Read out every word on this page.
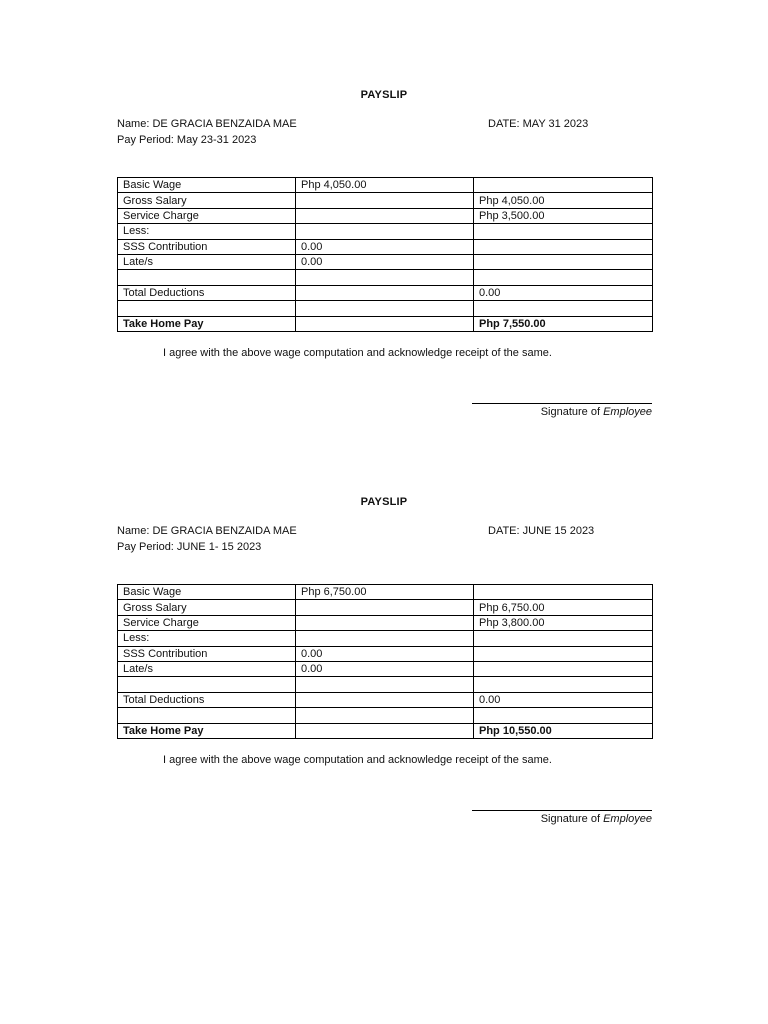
PAYSLIP
Name: DE GRACIA BENZAIDA MAE	DATE: MAY 31 2023
Pay Period: May 23-31 2023
Basic Wage	Php 4,050.00	
Gross Salary		Php 4,050.00
Service Charge		Php 3,500.00
Less:		
SSS Contribution	0.00	
Late/s	0.00	

Total Deductions		0.00

Take Home Pay		Php 7,550.00
I agree with the above wage computation and acknowledge receipt of the same.
Signature of Employee
PAYSLIP
Name: DE GRACIA BENZAIDA MAE	DATE: JUNE 15 2023
Pay Period: JUNE 1- 15 2023
Basic Wage	Php 6,750.00	
Gross Salary		Php 6,750.00
Service Charge		Php 3,800.00
Less:		
SSS Contribution	0.00	
Late/s	0.00	

Total Deductions		0.00

Take Home Pay		Php 10,550.00
I agree with the above wage computation and acknowledge receipt of the same.
Signature of Employee
